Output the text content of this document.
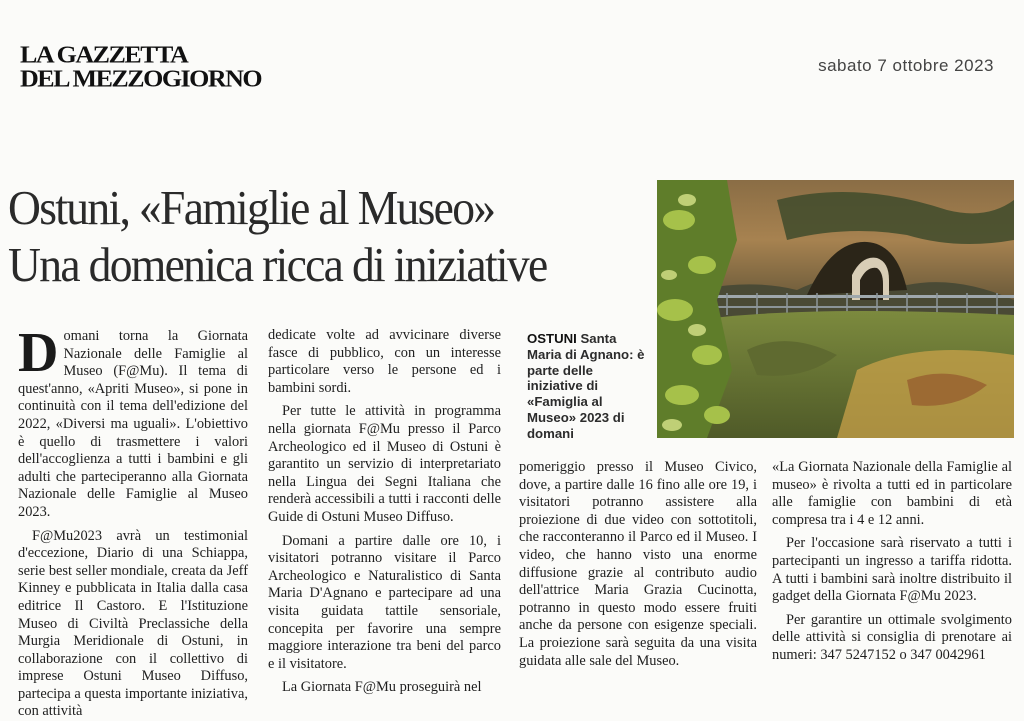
LA GAZZETTA
DEL MEZZOGIORNO	sabato 7 ottobre 2023
Ostuni, «Famiglie al Museo»
Una domenica ricca di iniziative
OSTUNI Santa Maria di Agnano: è parte delle iniziative di «Famiglia al Museo» 2023 di domani

Domani torna la Giornata Nazionale delle Famiglie al Museo (F@Mu). Il tema di quest'anno, «Apriti Museo», si pone in continuità con il tema dell'edizione del 2022, «Diversi ma uguali». L'obiettivo è quello di trasmettere i valori dell'accoglienza a tutti i bambini e gli adulti che parteciperanno alla Giornata Nazionale delle Famiglie al Museo 2023.

F@Mu2023 avrà un testimonial d'eccezione, Diario di una Schiappa, serie best seller mondiale, creata da Jeff Kinney e pubblicata in Italia dalla casa editrice Il Castoro. E l'Istituzione Museo di Civiltà Preclassiche della Murgia Meridionale di Ostuni, in collaborazione con il collettivo di imprese Ostuni Museo Diffuso, partecipa a questa importante iniziativa, con attività

dedicate volte ad avvicinare diverse fasce di pubblico, con un interesse particolare verso le persone ed i bambini sordi.

Per tutte le attività in programma nella giornata F@Mu presso il Parco Archeologico ed il Museo di Ostuni è garantito un servizio di interpretariato nella Lingua dei Segni Italiana che renderà accessibili a tutti i racconti delle Guide di Ostuni Museo Diffuso.

Domani a partire dalle ore 10, i visitatori potranno visitare il Parco Archeologico e Naturalistico di Santa Maria D'Agnano e partecipare ad una visita guidata tattile sensoriale, concepita per favorire una sempre maggiore interazione tra beni del parco e il visitatore.

La Giornata F@Mu proseguirà nel

pomeriggio presso il Museo Civico, dove, a partire dalle 16 fino alle ore 19, i visitatori potranno assistere alla proiezione di due video con sottotitoli, che racconteranno il Parco ed il Museo. I video, che hanno visto una enorme diffusione grazie al contributo audio dell'attrice Maria Grazia Cucinotta, potranno in questo modo essere fruiti anche da persone con esigenze speciali. La proiezione sarà seguita da una visita guidata alle sale del Museo.

«La Giornata Nazionale della Famiglie al museo» è rivolta a tutti ed in particolare alle famiglie con bambini di età compresa tra i 4 e 12 anni.

Per l'occasione sarà riservato a tutti i partecipanti un ingresso a tariffa ridotta. A tutti i bambini sarà inoltre distribuito il gadget della Giornata F@Mu 2023.

Per garantire un ottimale svolgimento delle attività si consiglia di prenotare ai numeri: 347 5247152 o 347 0042961
